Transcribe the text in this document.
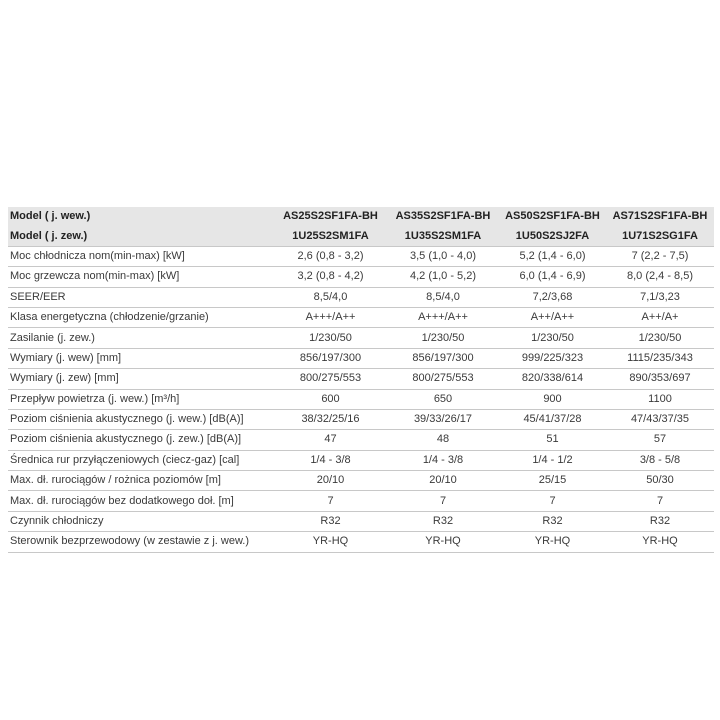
Model ( j. wew.)	AS25S2SF1FA-BH	AS35S2SF1FA-BH	AS50S2SF1FA-BH	AS71S2SF1FA-BH
Model ( j. zew.)	1U25S2SM1FA	1U35S2SM1FA	1U50S2SJ2FA	1U71S2SG1FA
Moc chłodnicza nom(min-max) [kW]	2,6 (0,8 - 3,2)	3,5 (1,0 - 4,0)	5,2 (1,4 - 6,0)	7 (2,2 - 7,5)
Moc grzewcza nom(min-max) [kW]	3,2 (0,8 - 4,2)	4,2 (1,0 - 5,2)	6,0 (1,4 - 6,9)	8,0 (2,4 - 8,5)
SEER/EER	8,5/4,0	8,5/4,0	7,2/3,68	7,1/3,23
Klasa energetyczna (chłodzenie/grzanie)	A+++/A++	A+++/A++	A++/A++	A++/A+
Zasilanie (j. zew.)	1/230/50	1/230/50	1/230/50	1/230/50
Wymiary (j. wew) [mm]	856/197/300	856/197/300	999/225/323	1115/235/343
Wymiary (j. zew) [mm]	800/275/553	800/275/553	820/338/614	890/353/697
Przepływ powietrza (j. wew.) [m³/h]	600	650	900	1100
Poziom ciśnienia akustycznego (j. wew.) [dB(A)]	38/32/25/16	39/33/26/17	45/41/37/28	47/43/37/35
Poziom ciśnienia akustycznego (j. zew.) [dB(A)]	47	48	51	57
Średnica rur przyłączeniowych (ciecz-gaz) [cal]	1/4 - 3/8	1/4 - 3/8	1/4 - 1/2	3/8 - 5/8
Max. dł. rurociągów / rożnica poziomów [m]	20/10	20/10	25/15	50/30
Max. dł. rurociągów bez dodatkowego doł. [m]	7	7	7	7
Czynnik chłodniczy	R32	R32	R32	R32
Sterownik bezprzewodowy (w zestawie z j. wew.)	YR-HQ	YR-HQ	YR-HQ	YR-HQ
